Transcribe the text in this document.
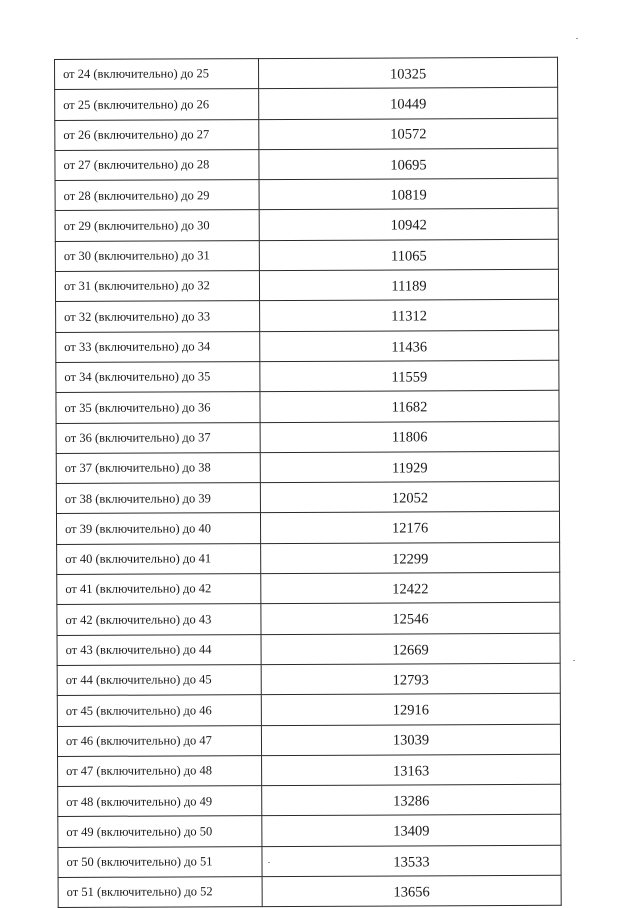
от 24 (включительно) до 25	10325
от 25 (включительно) до 26	10449
от 26 (включительно) до 27	10572
от 27 (включительно) до 28	10695
от 28 (включительно) до 29	10819
от 29 (включительно) до 30	10942
от 30 (включительно) до 31	11065
от 31 (включительно) до 32	11189
от 32 (включительно) до 33	11312
от 33 (включительно) до 34	11436
от 34 (включительно) до 35	11559
от 35 (включительно) до 36	11682
от 36 (включительно) до 37	11806
от 37 (включительно) до 38	11929
от 38 (включительно) до 39	12052
от 39 (включительно) до 40	12176
от 40 (включительно) до 41	12299
от 41 (включительно) до 42	12422
от 42 (включительно) до 43	12546
от 43 (включительно) до 44	12669
от 44 (включительно) до 45	12793
от 45 (включительно) до 46	12916
от 46 (включительно) до 47	13039
от 47 (включительно) до 48	13163
от 48 (включительно) до 49	13286
от 49 (включительно) до 50	13409
от 50 (включительно) до 51	13533
от 51 (включительно) до 52	13656
